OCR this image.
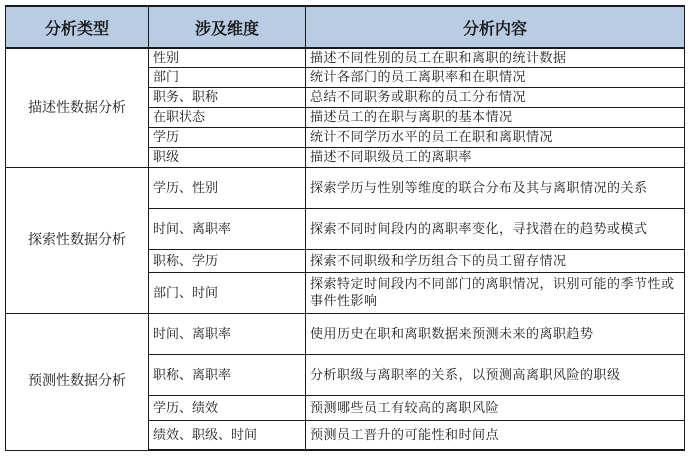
分析类型	涉及维度	分析内容
描述性数据分析	性别	描述不同性别的员工在职和离职的统计数据
	部门	统计各部门的员工离职率和在职情况
	职务、职称	总结不同职务或职称的员工分布情况
	在职状态	描述员工的在职与离职的基本情况
	学历	统计不同学历水平的员工在职和离职情况
	职级	描述不同职级员工的离职率
探索性数据分析	学历、性别	探索学历与性别等维度的联合分布及其与离职情况的关系
	时间、离职率	探索不同时间段内的离职率变化，寻找潜在的趋势或模式
	职称、学历	探索不同职级和学历组合下的员工留存情况
	部门、时间	探索特定时间段内不同部门的离职情况，识别可能的季节性或事件性影响
预测性数据分析	时间、离职率	使用历史在职和离职数据来预测未来的离职趋势
	职称、离职率	分析职级与离职率的关系，以预测高离职风险的职级
	学历、绩效	预测哪些员工有较高的离职风险
	绩效、职级、时间	预测员工晋升的可能性和时间点
